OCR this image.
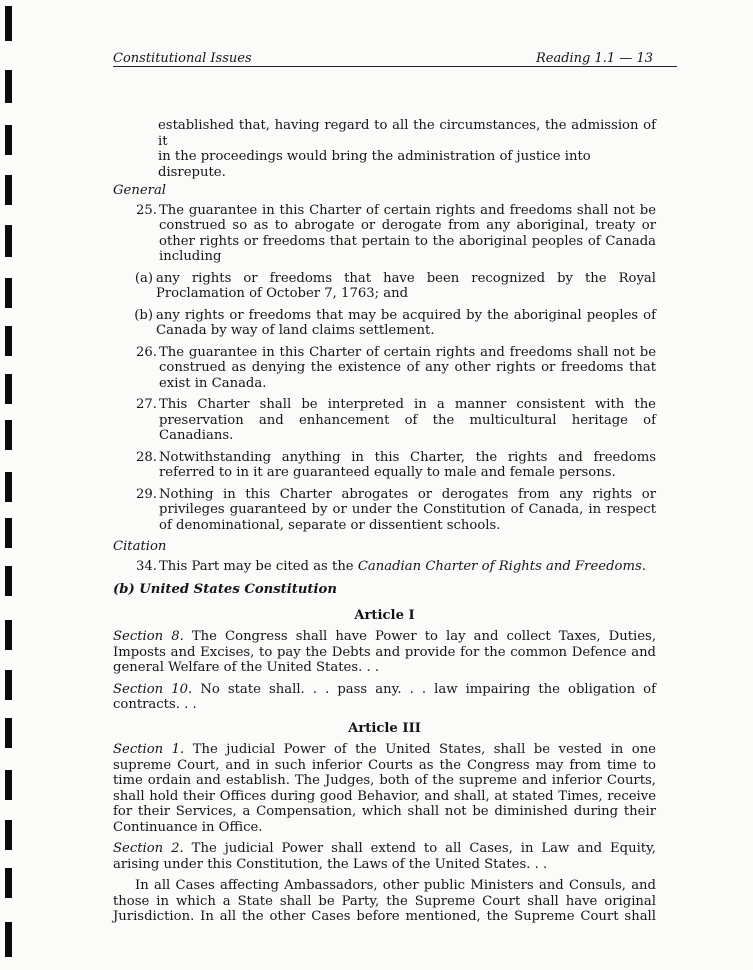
Constitutional Issues	Reading 1.1 — 13

established that, having regard to all the circumstances, the admission of it

in the proceedings would bring the administration of justice into disrepute.

General

25. The guarantee in this Charter of certain rights and freedoms shall not be construed so as to abrogate or derogate from any aboriginal, treaty or other rights or freedoms that pertain to the aboriginal peoples of Canada including
(a) any rights or freedoms that have been recognized by the Royal Proclamation of October 7, 1763; and
(b) any rights or freedoms that may be acquired by the aboriginal peoples of Canada by way of land claims settlement.
26. The guarantee in this Charter of certain rights and freedoms shall not be construed as denying the existence of any other rights or freedoms that exist in Canada.
27. This Charter shall be interpreted in a manner consistent with the preservation and enhancement of the multicultural heritage of Canadians.
28. Notwithstanding anything in this Charter, the rights and freedoms referred to in it are guaranteed equally to male and female persons.
29. Nothing in this Charter abrogates or derogates from any rights or privileges guaranteed by or under the Constitution of Canada, in respect of denominational, separate or dissentient schools.

Citation

34. This Part may be cited as the Canadian Charter of Rights and Freedoms.

(b) United States Constitution

Article I

Section 8. The Congress shall have Power to lay and collect Taxes, Duties, Imposts and Excises, to pay the Debts and provide for the common Defence and general Welfare of the United States. . .

Section 10. No state shall. . . pass any. . . law impairing the obligation of contracts. . .

Article III

Section 1. The judicial Power of the United States, shall be vested in one supreme Court, and in such inferior Courts as the Congress may from time to time ordain and establish. The Judges, both of the supreme and inferior Courts, shall hold their Offices during good Behavior, and shall, at stated Times, receive for their Services, a Compensation, which shall not be diminished during their Continuance in Office.

Section 2. The judicial Power shall extend to all Cases, in Law and Equity, arising under this Constitution, the Laws of the United States. . .

In all Cases affecting Ambassadors, other public Ministers and Consuls, and those in which a State shall be Party, the Supreme Court shall have original Jurisdiction. In all the other Cases before mentioned, the Supreme Court shall
